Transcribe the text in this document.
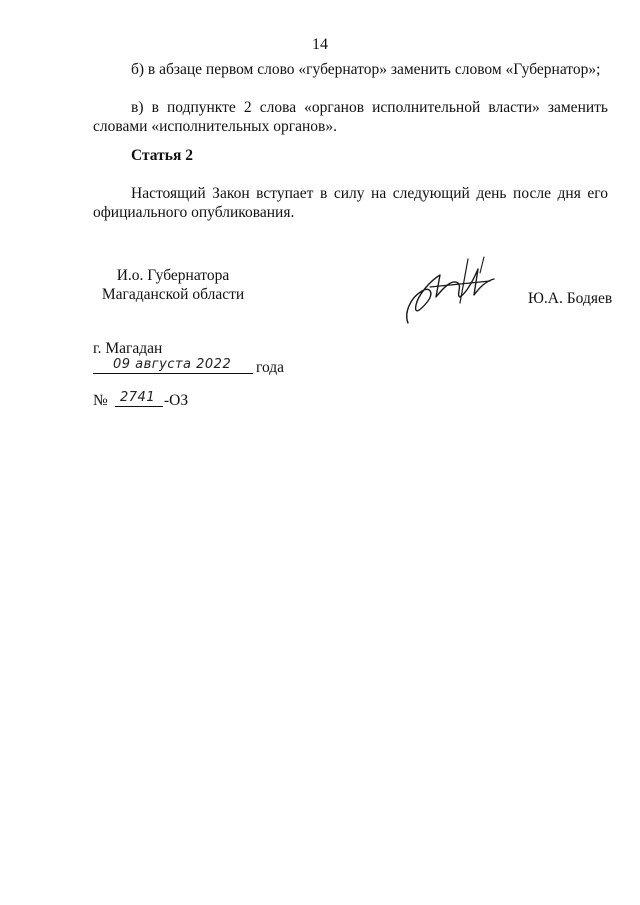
14
б) в абзаце первом слово «губернатор» заменить словом «Губернатор»;
в) в подпункте 2 слова «органов исполнительной власти» заменить словами «исполнительных органов».
Статья 2
Настоящий Закон вступает в силу на следующий день после дня его официального опубликования.
И.о. Губернатора
Магаданской области	Ю.А. Бодяев
г. Магадан
09 августа 2022 года
№ 2741 -ОЗ
